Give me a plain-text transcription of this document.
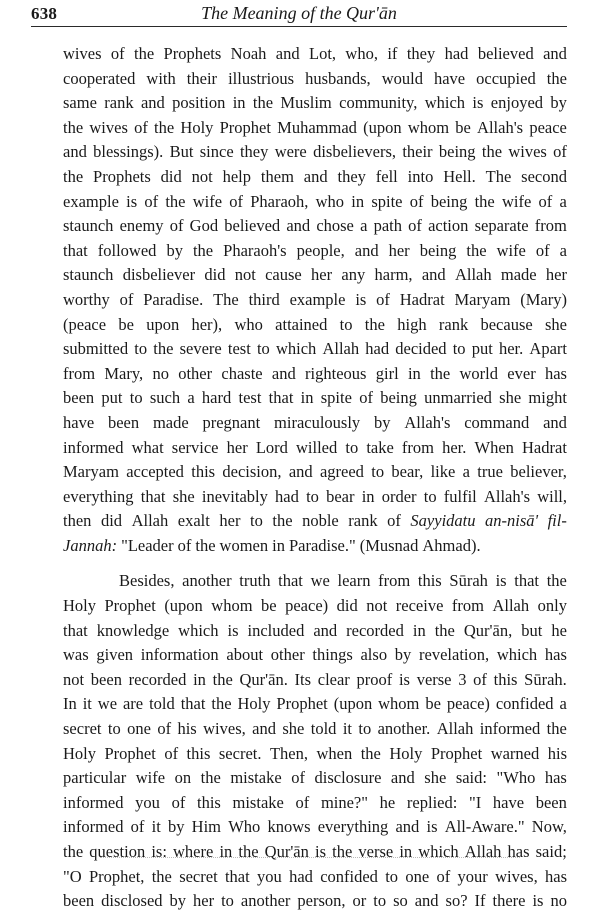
638	The Meaning of the Qur'ān
wives of the Prophets Noah and Lot, who, if they had believed and
cooperated with their illustrious husbands, would have occupied the
same rank and position in the Muslim community, which is enjoyed by
the wives of the Holy Prophet Muhammad (upon whom be Allah's peace
and blessings). But since they were disbelievers, their being the wives of
the Prophets did not help them and they fell into Hell. The second
example is of the wife of Pharaoh, who in spite of being the wife of a
staunch enemy of God believed and chose a path of action separate from
that followed by the Pharaoh's people, and her being the wife of a
staunch disbeliever did not cause her any harm, and Allah made her
worthy of Paradise. The third example is of Hadrat Maryam (Mary)
(peace be upon her), who attained to the high rank because she
submitted to the severe test to which Allah had decided to put her. Apart
from Mary, no other chaste and righteous girl in the world ever has
been put to such a hard test that in spite of being unmarried she might
have been made pregnant miraculously by Allah's command and
informed what service her Lord willed to take from her. When Hadrat
Maryam accepted this decision, and agreed to bear, like a true believer,
everything that she inevitably had to bear in order to fulfil Allah's will,
then did Allah exalt her to the noble rank of Sayyidatu an-nisā' fil-
Jannah: "Leader of the women in Paradise." (Musnad Ahmad).
Besides, another truth that we learn from this Sūrah is that the
Holy Prophet (upon whom be peace) did not receive from Allah only
that knowledge which is included and recorded in the Qur'ān, but he
was given information about other things also by revelation, which has
not been recorded in the Qur'ān. Its clear proof is verse 3 of this Sūrah.
In it we are told that the Holy Prophet (upon whom be peace) confided a
secret to one of his wives, and she told it to another. Allah informed the
Holy Prophet of this secret. Then, when the Holy Prophet warned his
particular wife on the mistake of disclosure and she said: "Who has
informed you of this mistake of mine?" he replied: "I have been
informed of it by Him Who knows everything and is All-Aware." Now,
the question is: where in the Qur'ān is the verse in which Allah has said;
"O Prophet, the secret that you had confided to one of your wives, has
been disclosed by her to another person, or to so and so? If there is no
